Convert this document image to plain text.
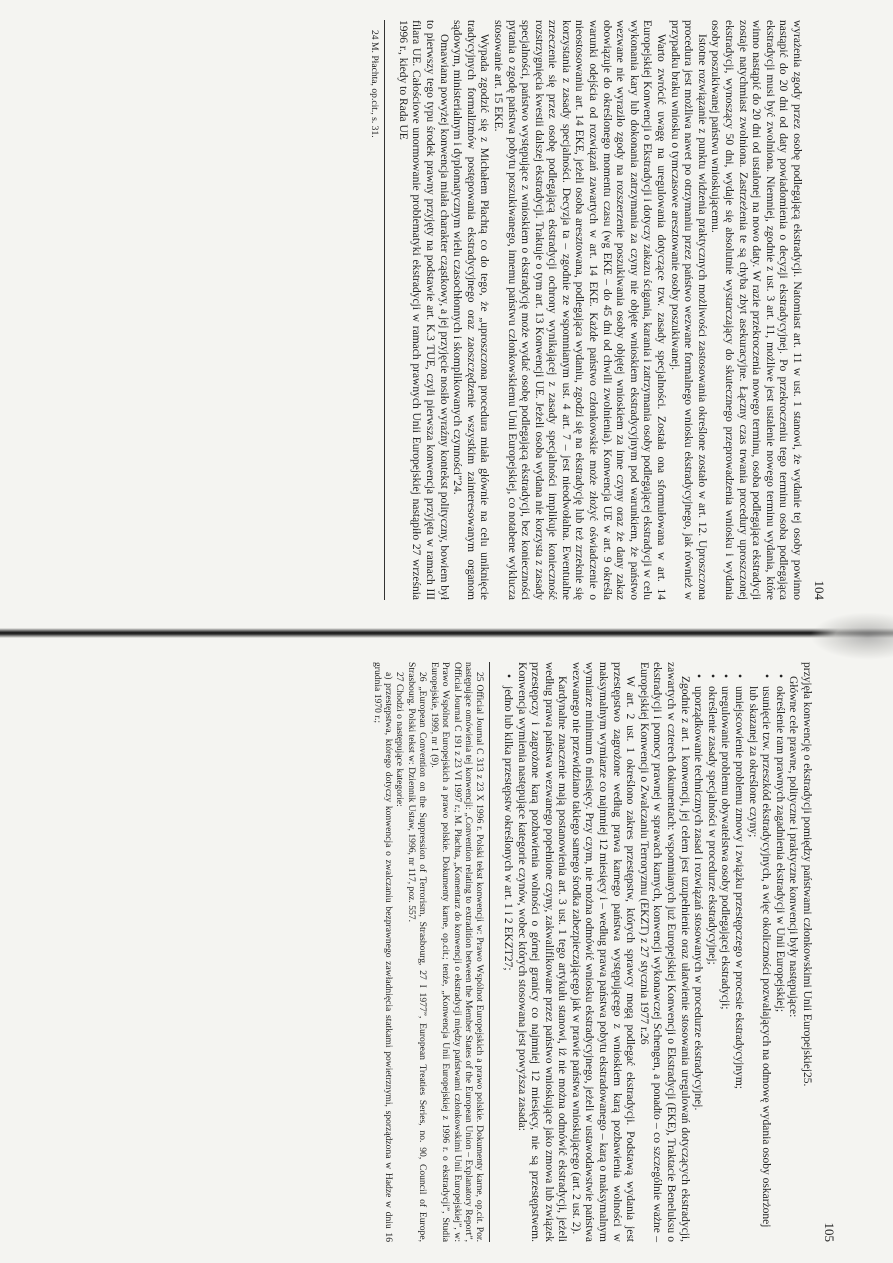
104

wyrażenia zgody przez osobę podlegającą ekstradycji. Natomiast art. 11 w ust. 1 stanowi, że wydanie tej osoby powinno nastąpić do 20 dni od daty powiadomienia o decyzji ekstradycyjnej. Po przekroczeniu tego terminu osoba podlegająca ekstradycji musi być zwolniona. Niemniej, zgodnie z ust. 3 art. 11, możliwe jest ustalenie nowego terminu wydania, które winno nastąpić do 20 dni od ustalonej na nowo daty. W razie przekroczenia nowego terminu, osoba podlegająca ekstradycji zostaje natychmiast zwolniona. Zastrzeżenia te są chyba zbyt asekuracyjne. Łączny czas trwania procedury uproszczonej ekstradycji, wynoszący 50 dni, wydaje się absolutnie wystarczający do skutecznego przeprowadzenia wniosku i wydania osoby poszukiwanej państwu wnioskującemu.

Istotne rozwiązanie z punktu widzenia praktycznych możliwości zastosowania określone zostało w art. 12. Uproszczona procedura jest możliwa nawet po otrzymaniu przez państwo wezwane formalnego wniosku ekstradycyjnego, jak również w przypadku braku wniosku o tymczasowe aresztowanie osoby poszukiwanej.

Warto zwrócić uwagę na uregulowania dotyczące tzw. zasady specjalności. Została ona sformułowana w art. 14 Europejskiej Konwencji o Ekstradycji i dotyczy zakazu ścigania, karania i zatrzymania osoby podlegającej ekstradycji w celu wykonania kary lub dokonania zatrzymania za czyny nie objęte wnioskiem ekstradycyjnym pod warunkiem, że państwo wezwane nie wyraziło zgody na rozszerzenie poszukiwania osoby objętej wnioskiem za inne czyny oraz że dany zakaz obowiązuje do określonego momentu czasu (wg EKE – do 45 dni od chwili zwolnienia). Konwencja UE w art. 9 określa warunki odejścia od rozwiązań zawartych w art. 14 EKE. Każde państwo członkowskie może złożyć oświadczenie o nieostosowaniu art. 14 EKE, jeżeli osoba aresztowana, podlegająca wydaniu, zgodzi się na ekstradycję lub też zrzeknie się korzystania z zasady specjalności. Decyzja ta – zgodnie ze wspomnianym ust. 4 art. 7 – jest nieodwołalna. Ewentualne zrzeczenie się przez osobę podlegającą ekstradycji ochrony wynikającej z zasady specjalności implikuje konieczność rozstrzygnięcia kwestii dalszej ekstradycji. Traktuje o tym art. 13 Konwencji UE. Jeżeli osoba wydana nie korzysta z zasady specjalności, państwo występujące z wnioskiem o ekstradycję może wydać osobę podlegającą ekstradycji, bez konieczności pytania o zgodę państwa pobytu poszukiwanego, innemu państwu członkowskiemu Unii Europejskiej, co notabene wyklucza stosowanie art. 15 EKE.

Wypada zgodzić się z Michałem Płachtą co do tego, że „uproszczona procedura miała głównie na celu uniknięcie tradycyjnych formalizmów postępowania ekstradycyjnego oraz zaoszczędzenie wszystkim zainteresowanym organom sądowym, ministerialnym i dyplomatycznym wielu czasochłonnych i skomplikowanych czynności”24.

Omawiana powyżej konwencja miała charakter cząstkowy, a jej przyjęcie nosiło wyraźny kontekst polityczny, bowiem był to pierwszy tego typu środek prawny przyjęty na podstawie art. K.3 TUE, czyli pierwsza konwencja przyjęta w ramach III filara UE. Całościowe unormowanie problematyki ekstradycji w ramach prawnych Unii Europejskiej nastąpiło 27 września 1996 r., kiedy to Rada UE

24 M. Płachta, op.cit., s. 31.

105

przyjęła konwencję o ekstradycji pomiędzy państwami członkowskimi Unii Europejskiej25.

Główne cele prawne, polityczne i praktyczne konwencji były następujące:

• określenie ram prawnych zagadnienia ekstradycji w Unii Europejskiej;
• usunięcie tzw. przeszkód ekstradycyjnych, a więc okoliczności pozwalających na odmowę wydania osoby oskarżonej lub skazanej za określone czyny;
• umiejscowienie problemu zmowy i związku przestępczego w procesie ekstradycyjnym;
• uregulowanie problemu obywatelstwa osoby podlegającej ekstradycji;
• określenie zasady specjalności w procedurze ekstradycyjnej;
• uporządkowanie technicznych zasad i rozwiązań stosowanych w procedurze ekstradycyjnej.

Zgodnie z art. 1 konwencji, jej celem jest uzupełnienie oraz ułatwienie stosowania uregulowań dotyczących ekstradycji, zawartych w czterech dokumentach: wspomnianych już Europejskiej Konwencji o Ekstradycji (EKE), Traktacie Beneluksu o ekstradycji i pomocy prawnej w sprawach karnych, konwencji wykonawczej Schengen, a ponadto – co szczególnie ważne – Europejskiej Konwencji o Zwalczaniu Terroryzmu (EKZT) z 27 stycznia 1977 r.26

W art. 2 ust. 1 określono zakres przestępstw, których sprawcy mogą podlegać ekstradycji. Podstawą wydania jest przestępstwo zagrożone według prawa karnego państwa występującego z wnioskiem karą pozbawienia wolności w maksymalnym wymiarze co najmniej 12 miesięcy i – według prawa państwa pobytu ekstradowanego – karą o maksymalnym wymiarze minimum 6 miesięcy. Przy czym, nie można odmówić wniosku ekstradycyjnego, jeżeli w ustawodawstwie państwa wezwanego nie przewidziano takiego samego środka zabezpieczającego jak w prawie państwa wnioskującego (art. 2 ust. 2).

Kardynalne znaczenie mają postanowienia art. 3 ust. 1 tego artykułu stanowi, iż nie można odmówić ekstradycji, jeżeli według prawa państwa wezwanego popełnione czyny, zakwalifikowane przez państwo wnioskujące jako zmowa lub związek przestępczy i zagrożone karą pozbawienia wolności o górnej granicy co najmniej 12 miesięcy, nie są przestępstwem. Konwencja wymienia następujące kategorie czynów, wobec których stosowana jest powyższa zasada:

• jedno lub kilka przestępstw określonych w art. 1 i 2 EKZT27;

25 Official Journal C 313 z 23 X 1996 r. Polski tekst konwencji w: Prawo Wspólnot Europejskich a prawo polskie. Dokumenty karne, op.cit. Por. następujące omówienia tej konwencji: „Convention relating to extradition between the Member States of the European Union – Explanatory Report”, Official Journal C 191 z 23 VI 1997 r.; M. Płachta, „Komentarz do konwencji o ekstradycji między państwami członkowskimi Unii Europejskiej”, w: Prawo Wspólnot Europejskich a prawo polskie. Dokumenty karne, op.cit.; tenże, „Konwencja Unii Europejskiej z 1996 r. o ekstradycji”, Studia Europejskie, 1999, nr 1 (9).

26 „European Convention on the Suppression of Terrorism, Strasbourg, 27 I 1977”, European Treaties Series, no. 90, Council of Europe, Strasbourg. Polski tekst w: Dziennik Ustaw, 1996, nr 117, poz. 557.

27 Chodzi o następujące kategorie:

a) przestępstwa, którego dotyczy konwencja o zwalczaniu bezprawnego zawładnięcia statkami powietrznymi, sporządzona w Hadze w dniu 16 grudnia 1970 r.;
